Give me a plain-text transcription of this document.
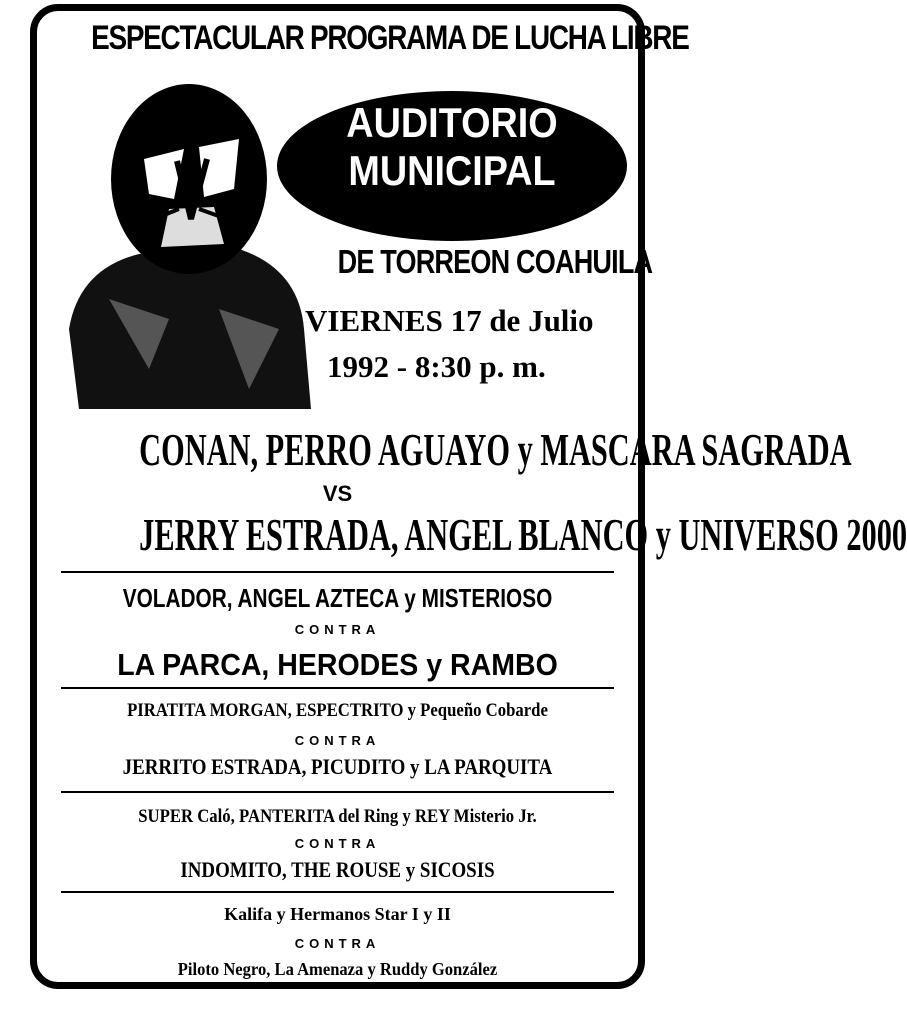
ESPECTACULAR PROGRAMA DE LUCHA LIBRE
AUDITORIO
MUNICIPAL
DE TORREON COAHUILA
VIERNES 17 de Julio
1992 - 8:30 p. m.
CONAN, PERRO AGUAYO y MASCARA SAGRADA
VS
JERRY ESTRADA, ANGEL BLANCO y UNIVERSO 2000
VOLADOR, ANGEL AZTECA y MISTERIOSO
CONTRA
LA PARCA, HERODES y RAMBO
PIRATITA MORGAN, ESPECTRITO y Pequeño Cobarde
CONTRA
JERRITO ESTRADA, PICUDITO y LA PARQUITA
SUPER Caló, PANTERITA del Ring y REY Misterio Jr.
CONTRA
INDOMITO, THE ROUSE y SICOSIS
Kalifa y Hermanos Star I y II
CONTRA
Piloto Negro, La Amenaza y Ruddy González
